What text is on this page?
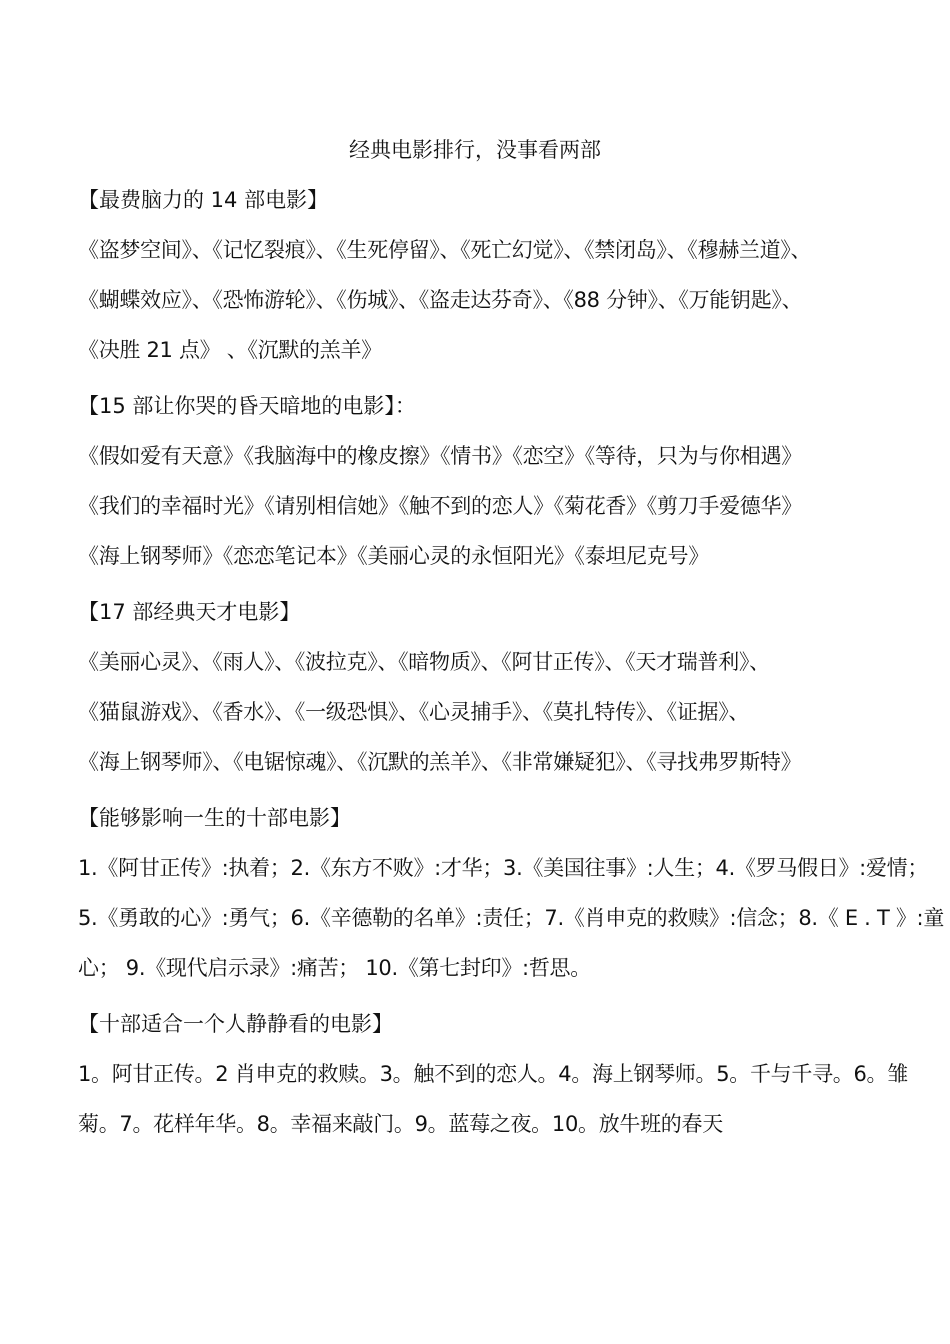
经典电影排行，没事看两部
【最费脑力的 14 部电影】
《盗梦空间》、《记忆裂痕》、《生死停留》、《死亡幻觉》、《禁闭岛》、《穆赫兰道》、
《蝴蝶效应》、《恐怖游轮》、《伤城》、《盗走达芬奇》、《88 分钟》、《万能钥匙》、
《决胜 21 点》 、《沉默的羔羊》
【15 部让你哭的昏天暗地的电影】：
《假如爱有天意》《我脑海中的橡皮擦》《情书》《恋空》《等待，只为与你相遇》
《我们的幸福时光》《请别相信她》《触不到的恋人》《菊花香》《剪刀手爱德华》
《海上钢琴师》《恋恋笔记本》《美丽心灵的永恒阳光》《泰坦尼克号》
【17 部经典天才电影】
《美丽心灵》、《雨人》、《波拉克》、《暗物质》、《阿甘正传》、《天才瑞普利》、
《猫鼠游戏》、《香水》、《一级恐惧》、《心灵捕手》、《莫扎特传》、《证据》、
《海上钢琴师》、《电锯惊魂》、《沉默的羔羊》、《非常嫌疑犯》、《寻找弗罗斯特》
【能够影响一生的十部电影】
1.《阿甘正传》:执着；2.《东方不败》:才华；3.《美国往事》:人生；4.《罗马假日》:爱情；
5.《勇敢的心》:勇气；6.《辛德勒的名单》:责任；7.《肖申克的救赎》:信念；8.《 E . T 》:童
心； 9.《现代启示录》:痛苦； 10.《第七封印》:哲思。
【十部适合一个人静静看的电影】
1。阿甘正传。2 肖申克的救赎。3。触不到的恋人。4。海上钢琴师。5。千与千寻。6。雏
菊。7。花样年华。8。幸福来敲门。9。蓝莓之夜。10。放牛班的春天
